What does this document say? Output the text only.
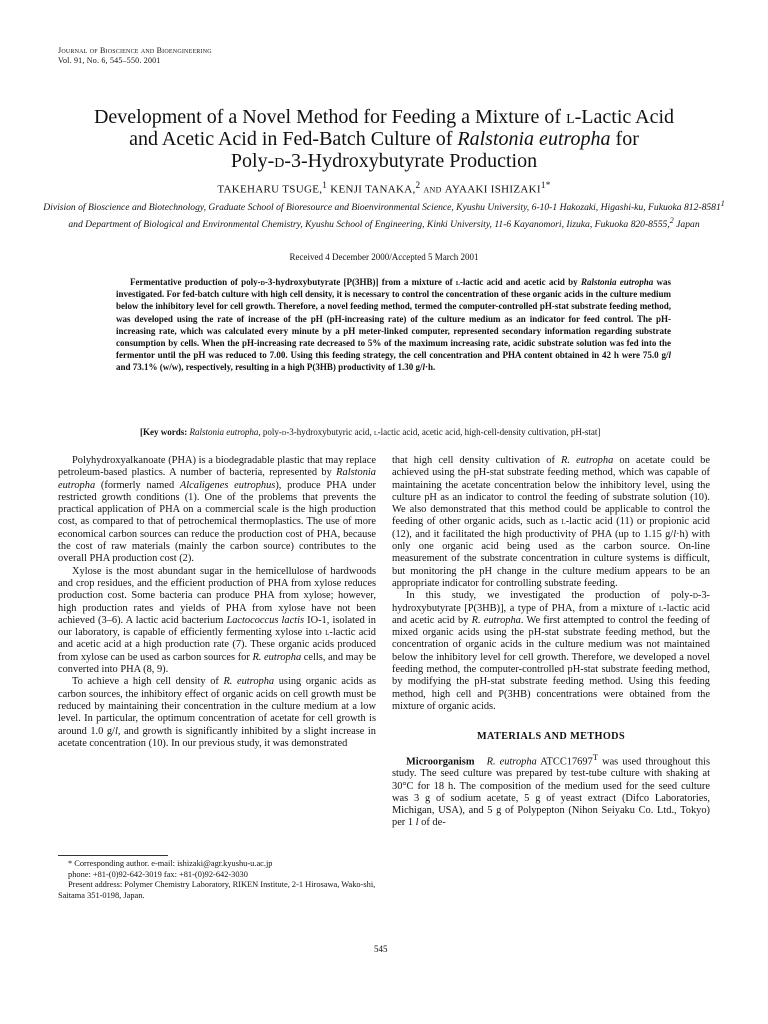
Journal of Bioscience and Bioengineering
Vol. 91, No. 6, 545–550. 2001
Development of a Novel Method for Feeding a Mixture of l-Lactic Acid
and Acetic Acid in Fed-Batch Culture of Ralstonia eutropha for
Poly-d-3-Hydroxybutyrate Production
TAKEHARU TSUGE,$^1$ KENJI TANAKA,$^2$ and AYAAKI $ISHIZAKI^{1*}$
Division of Bioscience and Biotechnology, Graduate School of Bioresource and Bioenvironmental Science, Kyushu University, 6-10-1 Hakozaki, Higashi-ku, Fukuoka 812-8581$^1$ and Department of Biological and Environmental Chemistry, Kyushu School of Engineering, Kinki University, 11-6 Kayanomori, Iizuka, Fukuoka 820-8555,$^2$ Japan
Received 4 December 2000/Accepted 5 March 2001

Fermentative production of poly-d-3-hydroxybutyrate [P(3HB)] from a mixture of l-lactic acid and acetic acid by Ralstonia eutropha was investigated. For fed-batch culture with high cell density, it is necessary to control the concentration of these organic acids in the culture medium below the inhibitory level for cell growth. Therefore, a novel feeding method, termed the computer-controlled pH-stat substrate feeding method, was developed using the rate of increase of the pH (pH-increasing rate) of the culture medium as an indicator for feed control. The pH-increasing rate, which was calculated every minute by a pH meter-linked computer, represented secondary information regarding substrate consumption by cells. When the pH-increasing rate decreased to 5% of the maximum increasing rate, acidic substrate solution was fed into the fermentor until the pH was reduced to 7.00. Using this feeding strategy, the cell concentration and PHA content obtained in 42 h were 75.0 g/l and 73.1% (w/w), respectively, resulting in a high P(3HB) productivity of 1.30 g/l·h.

[Key words: Ralstonia eutropha, poly-d-3-hydroxybutyric acid, l-lactic acid, acetic acid, high-cell-density cultivation, pH-stat]

Polyhydroxyalkanoate (PHA) is a biodegradable plastic that may replace petroleum-based plastics. A number of bacteria, represented by Ralstonia eutropha (formerly named Alcaligenes eutrophus), produce PHA under restricted growth conditions (1). One of the problems that prevents the practical application of PHA on a commercial scale is the high production cost, as compared to that of petrochemical thermoplastics. The use of more economical carbon sources can reduce the production cost of PHA, because the cost of raw materials (mainly the carbon source) contributes to the overall PHA production cost (2).

Xylose is the most abundant sugar in the hemicellulose of hardwoods and crop residues, and the efficient production of PHA from xylose reduces production cost. Some bacteria can produce PHA from xylose; however, high production rates and yields of PHA from xylose have not been achieved (3–6). A lactic acid bacterium Lactococcus lactis IO-1, isolated in our laboratory, is capable of efficiently fermenting xylose into l-lactic acid and acetic acid at a high production rate (7). These organic acids produced from xylose can be used as carbon sources for R. eutropha cells, and may be converted into PHA (8, 9).

To achieve a high cell density of R. eutropha using organic acids as carbon sources, the inhibitory effect of organic acids on cell growth must be reduced by maintaining their concentration in the culture medium at a low level. In particular, the optimum concentration of acetate for cell growth is around 1.0 g/l, and growth is significantly inhibited by a slight increase in acetate concentration (10). In our previous study, it was demonstrated

that high cell density cultivation of R. eutropha on acetate could be achieved using the pH-stat substrate feeding method, which was capable of maintaining the acetate concentration below the inhibitory level, using the culture pH as an indicator to control the feeding of substrate solution (10). We also demonstrated that this method could be applicable to control the feeding of other organic acids, such as l-lactic acid (11) or propionic acid (12), and it facilitated the high productivity of PHA (up to 1.15 g/l·h) with only one organic acid being used as the carbon source. On-line measurement of the substrate concentration in culture systems is difficult, but monitoring the pH change in the culture medium appears to be an appropriate indicator for controlling substrate feeding.

In this study, we investigated the production of poly-d-3-hydroxybutyrate [P(3HB)], a type of PHA, from a mixture of l-lactic acid and acetic acid by R. eutropha. We first attempted to control the feeding of mixed organic acids using the pH-stat substrate feeding method, but the concentration of organic acids in the culture medium was not maintained below the inhibitory level for cell growth. Therefore, we developed a novel feeding method, the computer-controlled pH-stat substrate feeding method, by modifying the pH-stat substrate feeding method. Using this feeding method, high cell and P(3HB) concentrations were obtained from the mixture of organic acids.

MATERIALS AND METHODS

Microorganism R. eutropha $ATCC17697^T$ was used throughout this study. The seed culture was prepared by test-tube culture with shaking at 30°C for 18 h. The composition of the medium used for the seed culture was 3 g of sodium acetate, 5 g of yeast extract (Difco Laboratories, Michigan, USA), and 5 g of Polypepton (Nihon Seiyaku Co. Ltd., Tokyo) per 1 l of de-

* Corresponding author. e-mail: ishizaki@agr.kyushu-u.ac.jp

phone: +81-(0)92-642-3019 fax: +81-(0)92-642-3030

Present address: Polymer Chemistry Laboratory, RIKEN Institute, 2-1 Hirosawa, Wako-shi, Saitama 351-0198, Japan.

545
